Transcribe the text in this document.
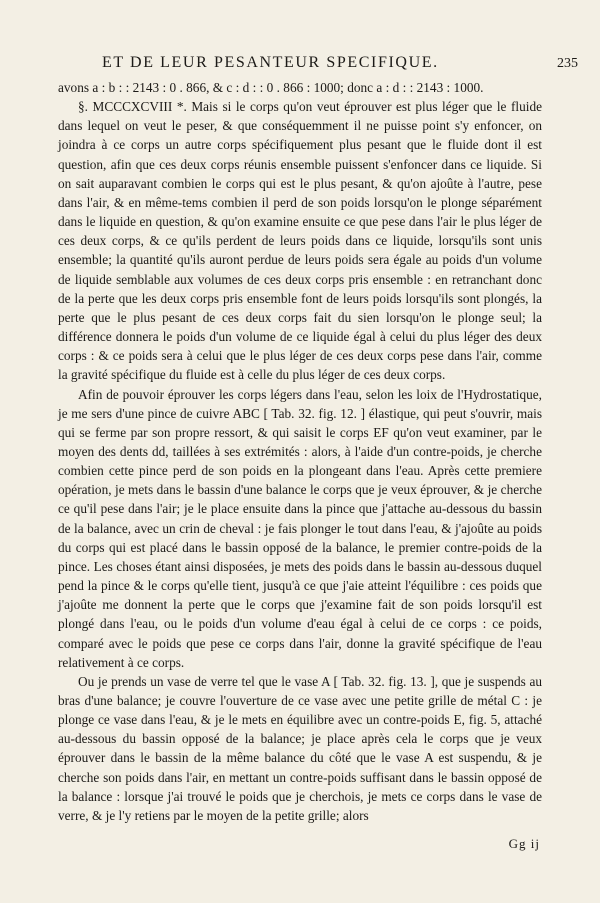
ET DE LEUR PESANTEUR SPECIFIQUE.	235

avons a : b : : 2143 : 0 . 866, & c : d : : 0 . 866 : 1000; donc a : d : : 2143 : 1000.

§. MCCCXCVIII *. Mais si le corps qu'on veut éprouver est plus léger que le fluide dans lequel on veut le peser, & que conséquemment il ne puisse point s'y enfoncer, on joindra à ce corps un autre corps spécifiquement plus pesant que le fluide dont il est question, afin que ces deux corps réunis ensemble puissent s'enfoncer dans ce liquide. Si on sait auparavant combien le corps qui est le plus pesant, & qu'on ajoûte à l'autre, pese dans l'air, & en même-tems combien il perd de son poids lorsqu'on le plonge séparément dans le liquide en question, & qu'on examine ensuite ce que pese dans l'air le plus léger de ces deux corps, & ce qu'ils perdent de leurs poids dans ce liquide, lorsqu'ils sont unis ensemble; la quantité qu'ils auront perdue de leurs poids sera égale au poids d'un volume de liquide semblable aux volumes de ces deux corps pris ensemble : en retranchant donc de la perte que les deux corps pris ensemble font de leurs poids lorsqu'ils sont plongés, la perte que le plus pesant de ces deux corps fait du sien lorsqu'on le plonge seul; la différence donnera le poids d'un volume de ce liquide égal à celui du plus léger des deux corps : & ce poids sera à celui que le plus léger de ces deux corps pese dans l'air, comme la gravité spécifique du fluide est à celle du plus léger de ces deux corps.

Afin de pouvoir éprouver les corps légers dans l'eau, selon les loix de l'Hydrostatique, je me sers d'une pince de cuivre ABC [ Tab. 32. fig. 12. ] élastique, qui peut s'ouvrir, mais qui se ferme par son propre ressort, & qui saisit le corps EF qu'on veut examiner, par le moyen des dents dd, taillées à ses extrémités : alors, à l'aide d'un contre-poids, je cherche combien cette pince perd de son poids en la plongeant dans l'eau. Après cette premiere opération, je mets dans le bassin d'une balance le corps que je veux éprouver, & je cherche ce qu'il pese dans l'air; je le place ensuite dans la pince que j'attache au-dessous du bassin de la balance, avec un crin de cheval : je fais plonger le tout dans l'eau, & j'ajoûte au poids du corps qui est placé dans le bassin opposé de la balance, le premier contre-poids de la pince. Les choses étant ainsi disposées, je mets des poids dans le bassin au-dessous duquel pend la pince & le corps qu'elle tient, jusqu'à ce que j'aie atteint l'équilibre : ces poids que j'ajoûte me donnent la perte que le corps que j'examine fait de son poids lorsqu'il est plongé dans l'eau, ou le poids d'un volume d'eau égal à celui de ce corps : ce poids, comparé avec le poids que pese ce corps dans l'air, donne la gravité spécifique de l'eau relativement à ce corps.

Ou je prends un vase de verre tel que le vase A [ Tab. 32. fig. 13. ], que je suspends au bras d'une balance; je couvre l'ouverture de ce vase avec une petite grille de métal C : je plonge ce vase dans l'eau, & je le mets en équilibre avec un contre-poids E, fig. 5, attaché au-dessous du bassin opposé de la balance; je place après cela le corps que je veux éprouver dans le bassin de la même balance du côté que le vase A est suspendu, & je cherche son poids dans l'air, en mettant un contre-poids suffisant dans le bassin opposé de la balance : lorsque j'ai trouvé le poids que je cherchois, je mets ce corps dans le vase de verre, & je l'y retiens par le moyen de la petite grille; alors

Gg ij
